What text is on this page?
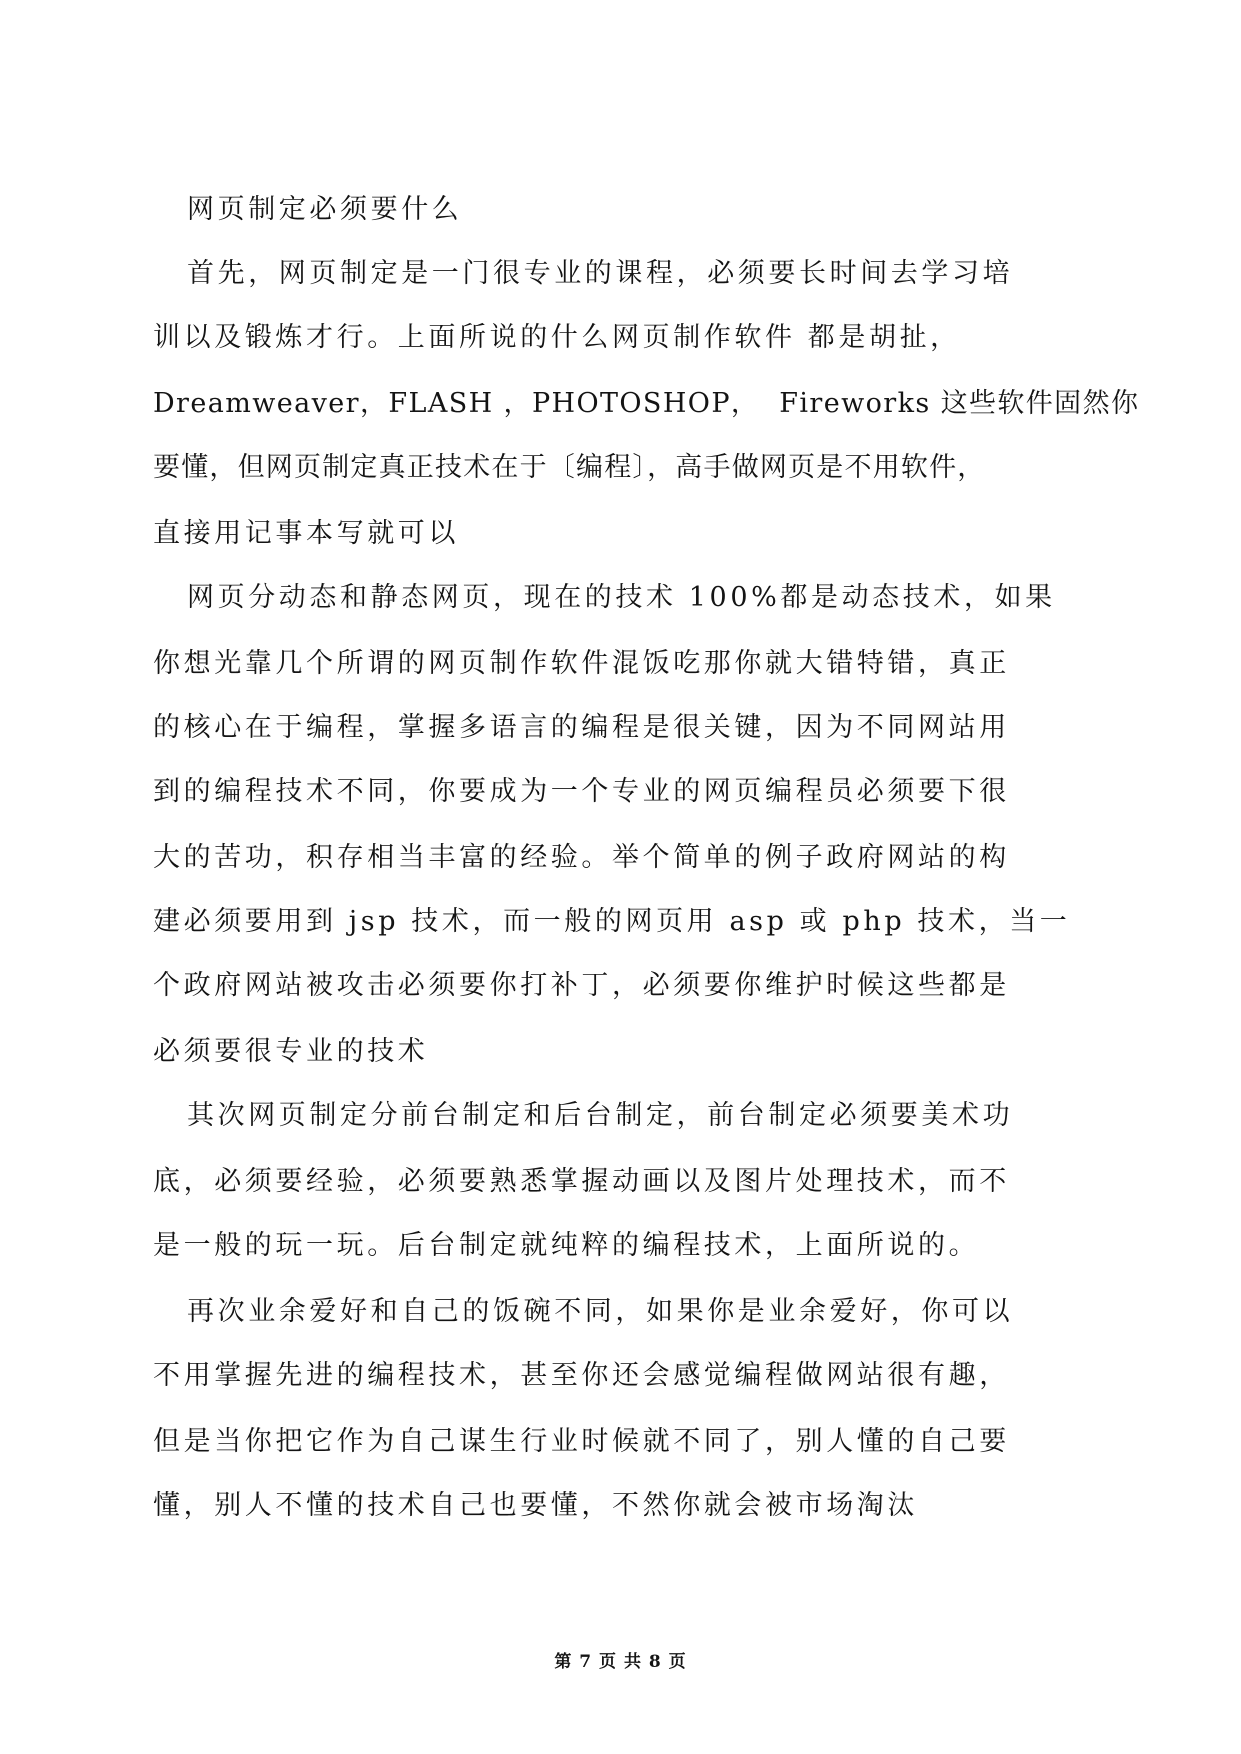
网页制定必须要什么
首先，网页制定是一门很专业的课程，必须要长时间去学习培
训以及锻炼才行。上面所说的什么网页制作软件 都是胡扯，
Dreamweaver，FLASH ，PHOTOSHOP，  Fireworks 这些软件固然你
要懂，但网页制定真正技术在于〔编程〕，高手做网页是不用软件，
直接用记事本写就可以
网页分动态和静态网页，现在的技术 100%都是动态技术，如果
你想光靠几个所谓的网页制作软件混饭吃那你就大错特错，真正
的核心在于编程，掌握多语言的编程是很关键，因为不同网站用
到的编程技术不同，你要成为一个专业的网页编程员必须要下很
大的苦功，积存相当丰富的经验。举个简单的例子政府网站的构
建必须要用到 jsp 技术，而一般的网页用 asp 或 php 技术，当一
个政府网站被攻击必须要你打补丁，必须要你维护时候这些都是
必须要很专业的技术
其次网页制定分前台制定和后台制定，前台制定必须要美术功
底，必须要经验，必须要熟悉掌握动画以及图片处理技术，而不
是一般的玩一玩。后台制定就纯粹的编程技术，上面所说的。
再次业余爱好和自己的饭碗不同，如果你是业余爱好，你可以
不用掌握先进的编程技术，甚至你还会感觉编程做网站很有趣，
但是当你把它作为自己谋生行业时候就不同了，别人懂的自己要
懂，别人不懂的技术自己也要懂，不然你就会被市场淘汰
第 7 页 共 8 页
